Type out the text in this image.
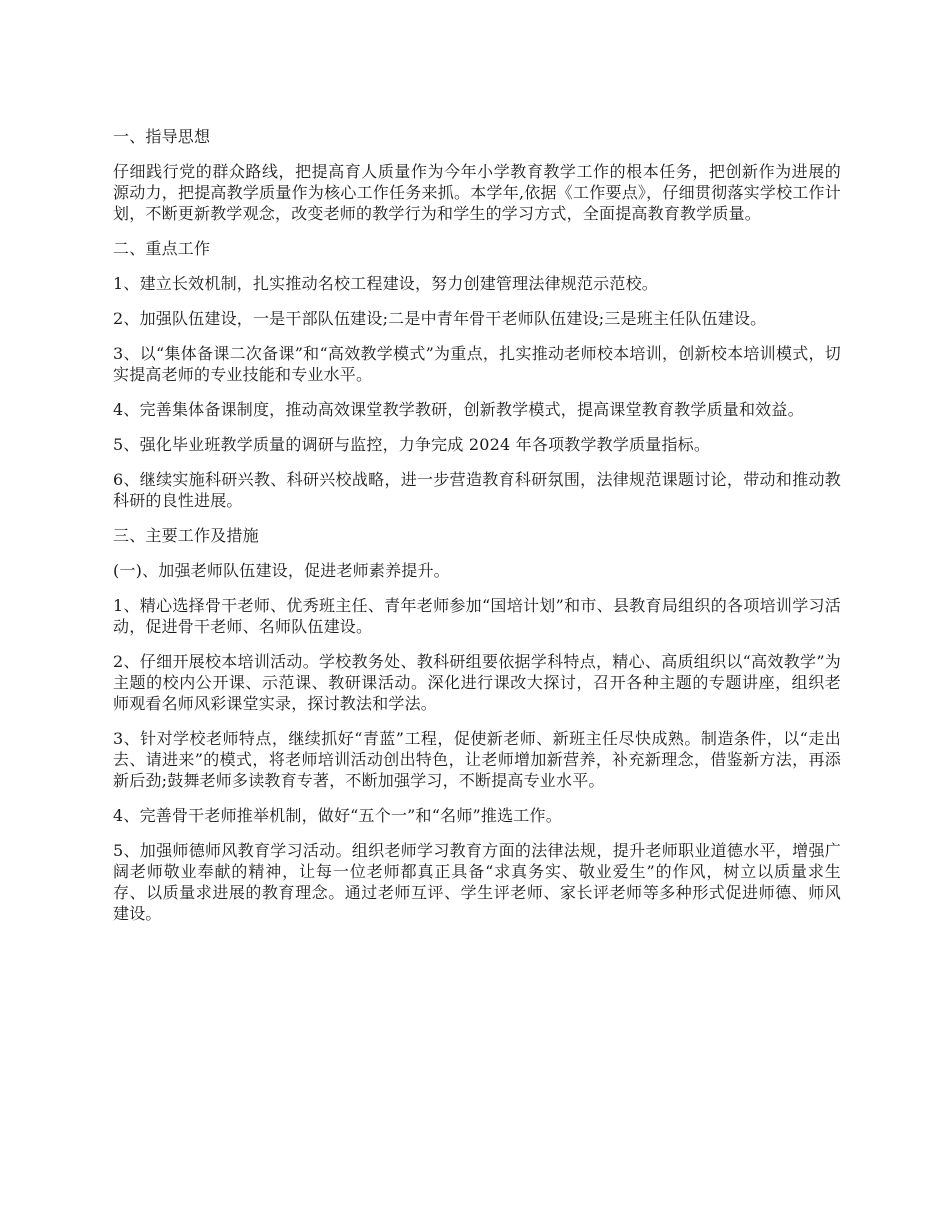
一、指导思想
仔细践行党的群众路线，把提高育人质量作为今年小学教育教学工作的根本任务，把创新作为进展的源动力，把提高教学质量作为核心工作任务来抓。本学年,依据《工作要点》，仔细贯彻落实学校工作计划，不断更新教学观念，改变老师的教学行为和学生的学习方式，全面提高教育教学质量。
二、重点工作
1、建立长效机制，扎实推动名校工程建设，努力创建管理法律规范示范校。
2、加强队伍建设，一是干部队伍建设;二是中青年骨干老师队伍建设;三是班主任队伍建设。
3、以“集体备课二次备课”和“高效教学模式”为重点，扎实推动老师校本培训，创新校本培训模式，切实提高老师的专业技能和专业水平。
4、完善集体备课制度，推动高效课堂教学教研，创新教学模式，提高课堂教育教学质量和效益。
5、强化毕业班教学质量的调研与监控，力争完成 2024 年各项教学教学质量指标。
6、继续实施科研兴教、科研兴校战略，进一步营造教育科研氛围，法律规范课题讨论，带动和推动教科研的良性进展。
三、主要工作及措施
(一)、加强老师队伍建设，促进老师素养提升。
1、精心选择骨干老师、优秀班主任、青年老师参加“国培计划”和市、县教育局组织的各项培训学习活动，促进骨干老师、名师队伍建设。
2、仔细开展校本培训活动。学校教务处、教科研组要依据学科特点，精心、高质组织以“高效教学”为主题的校内公开课、示范课、教研课活动。深化进行课改大探讨，召开各种主题的专题讲座，组织老师观看名师风彩课堂实录，探讨教法和学法。
3、针对学校老师特点，继续抓好“青蓝”工程，促使新老师、新班主任尽快成熟。制造条件，以“走出去、请进来”的模式，将老师培训活动创出特色，让老师增加新营养，补充新理念，借鉴新方法，再添新后劲;鼓舞老师多读教育专著，不断加强学习，不断提高专业水平。
4、完善骨干老师推举机制，做好“五个一”和“名师”推选工作。
5、加强师德师风教育学习活动。组织老师学习教育方面的法律法规，提升老师职业道德水平，增强广阔老师敬业奉献的精神，让每一位老师都真正具备“求真务实、敬业爱生”的作风，树立以质量求生存、以质量求进展的教育理念。通过老师互评、学生评老师、家长评老师等多种形式促进师德、师风建设。
